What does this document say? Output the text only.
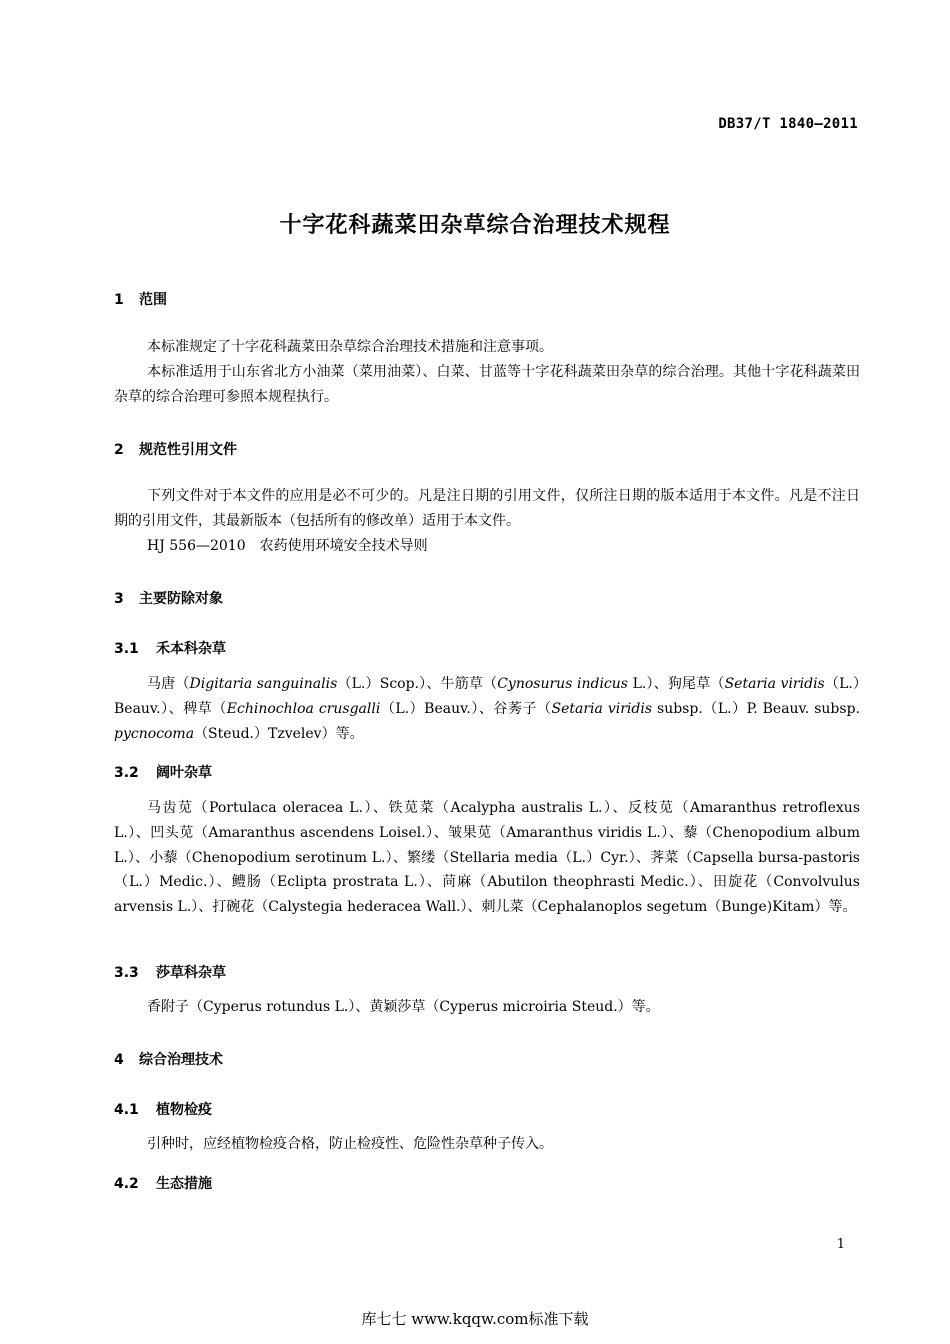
DB37/T 1840—2011
十字花科蔬菜田杂草综合治理技术规程
1 范围
本标准规定了十字花科蔬菜田杂草综合治理技术措施和注意事项。
本标准适用于山东省北方小油菜（菜用油菜）、白菜、甘蓝等十字花科蔬菜田杂草的综合治理。其他十字花科蔬菜田杂草的综合治理可参照本规程执行。
2 规范性引用文件
下列文件对于本文件的应用是必不可少的。凡是注日期的引用文件，仅所注日期的版本适用于本文件。凡是不注日期的引用文件，其最新版本（包括所有的修改单）适用于本文件。
HJ 556—2010　农药使用环境安全技术导则
3 主要防除对象
3.1 禾本科杂草
马唐（Digitaria sanguinalis（L.）Scop.）、牛筋草（Cynosurus indicus L.）、狗尾草（Setaria viridis（L.）Beauv.）、稗草（Echinochloa crusgalli（L.）Beauv.）、谷莠子（Setaria viridis subsp.（L.）P. Beauv. subsp. pycnocoma（Steud.）Tzvelev）等。
3.2 阔叶杂草
马齿苋（Portulaca oleracea L.）、铁苋菜（Acalypha australis L.）、反枝苋（Amaranthus retroflexus L.）、凹头苋（Amaranthus ascendens Loisel.）、皱果苋（Amaranthus viridis L.）、藜（Chenopodium album L.）、小藜（Chenopodium serotinum L.）、繁缕（Stellaria media（L.）Cyr.）、荠菜（Capsella bursa-pastoris（L.）Medic.）、鳢肠（Eclipta prostrata L.）、苘麻（Abutilon theophrasti Medic.）、田旋花（Convolvulus arvensis L.）、打碗花（Calystegia hederacea Wall.）、刺儿菜（Cephalanoplos segetum（Bunge)Kitam）等。
3.3 莎草科杂草
香附子（Cyperus rotundus L.）、黄颖莎草（Cyperus microiria Steud.）等。
4 综合治理技术
4.1 植物检疫
引种时，应经植物检疫合格，防止检疫性、危险性杂草种子传入。
4.2 生态措施
1
库七七 www.kqqw.com标准下载
